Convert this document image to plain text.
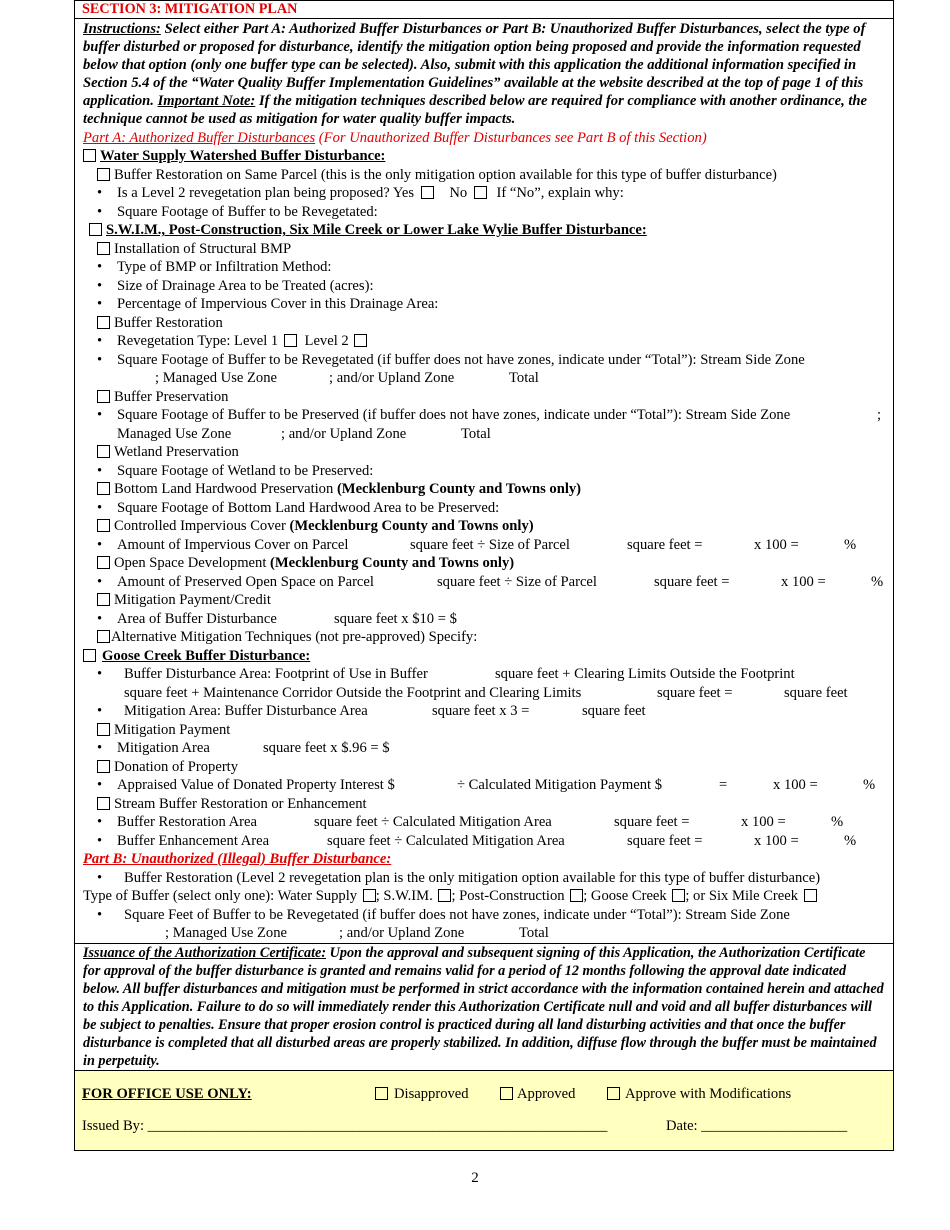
SECTION 3: MITIGATION PLAN
Instructions: Select either Part A: Authorized Buffer Disturbances or Part B: Unauthorized Buffer Disturbances, select the type of buffer disturbed or proposed for disturbance, identify the mitigation option being proposed and provide the information requested below that option (only one buffer type can be selected). Also, submit with this application the additional information specified in Section 5.4 of the “Water Quality Buffer Implementation Guidelines” available at the website described at the top of page 1 of this application. Important Note: If the mitigation techniques described below are required for compliance with another ordinance, the technique cannot be used as mitigation for water quality buffer impacts.
Part A: Authorized Buffer Disturbances (For Unauthorized Buffer Disturbances see Part B of this Section)
Water Supply Watershed Buffer Disturbance:
Buffer Restoration on Same Parcel (this is the only mitigation option available for this type of buffer disturbance)
• Is a Level 2 revegetation plan being proposed? Yes No If “No”, explain why:
• Square Footage of Buffer to be Revegetated:
S.W.I.M., Post-Construction, Six Mile Creek or Lower Lake Wylie Buffer Disturbance:
Installation of Structural BMP
• Type of BMP or Infiltration Method:
• Size of Drainage Area to be Treated (acres):
• Percentage of Impervious Cover in this Drainage Area:
Buffer Restoration
• Revegetation Type: Level 1 Level 2
• Square Footage of Buffer to be Revegetated (if buffer does not have zones, indicate under “Total”): Stream Side Zone
; Managed Use Zone	; and/or Upland Zone	Total
Buffer Preservation
• Square Footage of Buffer to be Preserved (if buffer does not have zones, indicate under “Total”): Stream Side Zone	;
Managed Use Zone	; and/or Upland Zone	Total
Wetland Preservation
• Square Footage of Wetland to be Preserved:
Bottom Land Hardwood Preservation (Mecklenburg County and Towns only)
• Square Footage of Bottom Land Hardwood Area to be Preserved:
Controlled Impervious Cover (Mecklenburg County and Towns only)
• Amount of Impervious Cover on Parcel	square feet ÷ Size of Parcel	square feet =	x 100 =	%
Open Space Development (Mecklenburg County and Towns only)
• Amount of Preserved Open Space on Parcel	square feet ÷ Size of Parcel	square feet =	x 100 =	%
Mitigation Payment/Credit
• Area of Buffer Disturbance	square feet x $10 = $
Alternative Mitigation Techniques (not pre-approved) Specify:
Goose Creek Buffer Disturbance:
• Buffer Disturbance Area: Footprint of Use in Buffer	square feet + Clearing Limits Outside the Footprint
square feet + Maintenance Corridor Outside the Footprint and Clearing Limits	square feet =	square feet
• Mitigation Area: Buffer Disturbance Area	square feet x 3 =	square feet
Mitigation Payment
• Mitigation Area	square feet x $.96 = $
Donation of Property
• Appraised Value of Donated Property Interest $	÷ Calculated Mitigation Payment $	=	x 100 =	%
Stream Buffer Restoration or Enhancement
• Buffer Restoration Area	square feet ÷ Calculated Mitigation Area	square feet =	x 100 =	%
• Buffer Enhancement Area	square feet ÷ Calculated Mitigation Area	square feet =	x 100 =	%
Part B: Unauthorized (Illegal) Buffer Disturbance:
• Buffer Restoration (Level 2 revegetation plan is the only mitigation option available for this type of buffer disturbance)
Type of Buffer (select only one): Water Supply ; S.W.IM. ; Post-Construction ; Goose Creek ; or Six Mile Creek
• Square Feet of Buffer to be Revegetated (if buffer does not have zones, indicate under “Total”): Stream Side Zone
; Managed Use Zone	; and/or Upland Zone	Total
Issuance of the Authorization Certificate: Upon the approval and subsequent signing of this Application, the Authorization Certificate for approval of the buffer disturbance is granted and remains valid for a period of 12 months following the approval date indicated below. All buffer disturbances and mitigation must be performed in strict accordance with the information contained herein and attached to this Application. Failure to do so will immediately render this Authorization Certificate null and void and all buffer disturbances will be subject to penalties. Ensure that proper erosion control is practiced during all land disturbing activities and that once the buffer disturbance is completed that all disturbed areas are properly stabilized. In addition, diffuse flow through the buffer must be maintained in perpetuity.
FOR OFFICE USE ONLY:	Disapproved	Approved	Approve with Modifications
Issued By: _______________________________________________________________	Date: ____________________
2
